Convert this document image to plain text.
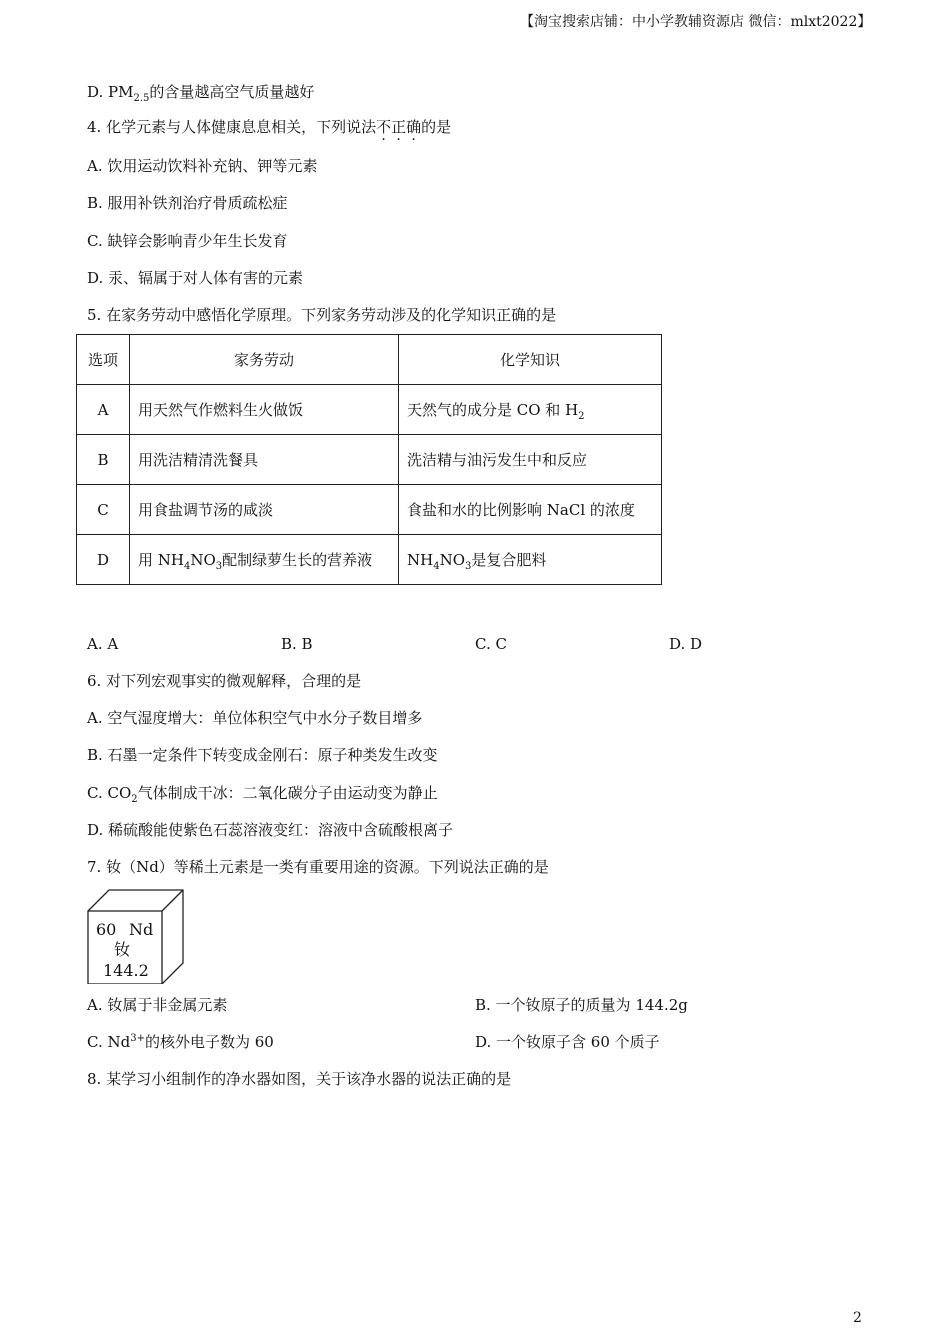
【淘宝搜索店铺：中小学教辅资源店 微信：mlxt2022】
D. $PM_{2.5}$的含量越高空气质量越好
4. 化学元素与人体健康息息相关，下列说法不正确的是
A. 饮用运动饮料补充钠、钾等元素
B. 服用补铁剂治疗骨质疏松症
C. 缺锌会影响青少年生长发育
D. 汞、镉属于对人体有害的元素
5. 在家务劳动中感悟化学原理。下列家务劳动涉及的化学知识正确的是
选项	家务劳动	化学知识
A	用天然气作燃料生火做饭	天然气的成分是 CO 和 $H_2$
B	用洗洁精清洗餐具	洗洁精与油污发生中和反应
C	用食盐调节汤的咸淡	食盐和水的比例影响 NaCl 的浓度
D	用 $NH_4NO_3$配制绿萝生长的营养液	$NH_4NO_3$是复合肥料
A. A	B. B	C. C	D. D
6. 对下列宏观事实的微观解释，合理的是
A. 空气湿度增大：单位体积空气中水分子数目增多
B. 石墨一定条件下转变成金刚石：原子种类发生改变
C. $CO_2$气体制成干冰：二氧化碳分子由运动变为静止
D. 稀硫酸能使紫色石蕊溶液变红：溶液中含硫酸根离子
7. 钕（Nd）等稀土元素是一类有重要用途的资源。下列说法正确的是
60 Nd
钕
144.2
A. 钕属于非金属元素	B. 一个钕原子的质量为 144.2g
C. $Nd^{3+}$的核外电子数为 60	D. 一个钕原子含 60 个质子
8. 某学习小组制作的净水器如图，关于该净水器的说法正确的是
2
